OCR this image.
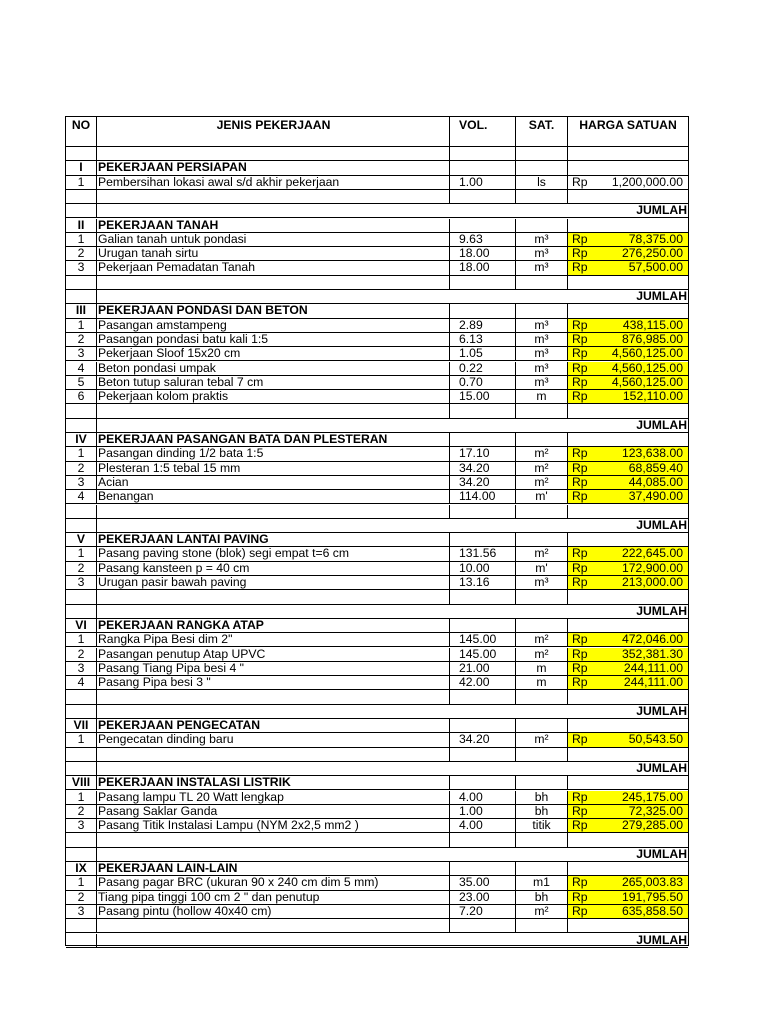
NO	JENIS PEKERJAAN	VOL.	SAT.	HARGA SATUAN
I	PEKERJAAN PERSIAPAN
1	Pembersihan lokasi awal s/d akhir pekerjaan	1.00	ls	Rp 1,200,000.00
JUMLAH
II	PEKERJAAN TANAH
1	Galian tanah untuk pondasi	9.63	m³	Rp	78,375.00
2	Urugan tanah sirtu	18.00	m³	Rp	276,250.00
3	Pekerjaan Pemadatan Tanah	18.00	m³	Rp	57,500.00
JUMLAH
III PEKERJAAN PONDASI DAN BETON
1	Pasangan amstampeng	2.89	m³	Rp	438,115.00
2	Pasangan pondasi batu kali 1:5	6.13	m³	Rp	876,985.00
3	Pekerjaan Sloof 15x20 cm	1.05	m³	Rp 4,560,125.00
4	Beton pondasi umpak	0.22	m³	Rp 4,560,125.00
5	Beton tutup saluran tebal 7 cm	0.70	m³	Rp 4,560,125.00
6	Pekerjaan kolom praktis	15.00	m	Rp	152,110.00
JUMLAH
IV PEKERJAAN PASANGAN BATA DAN PLESTERAN
1	Pasangan dinding 1/2 bata 1:5	17.10	m²	Rp	123,638.00
2	Plesteran 1:5 tebal 15 mm	34.20	m²	Rp	68,859.40
3	Acian	34.20	m²	Rp	44,085.00
4	Benangan	114.00	m'	Rp	37,490.00
JUMLAH
V	PEKERJAAN LANTAI PAVING
1	Pasang paving stone (blok) segi empat t=6 cm	131.56	m²	Rp	222,645.00
2	Pasang kansteen p = 40 cm	10.00	m'	Rp	172,900.00
3	Urugan pasir bawah paving	13.16	m³	Rp	213,000.00
JUMLAH
VI PEKERJAAN RANGKA ATAP
1	Rangka Pipa Besi dim 2"	145.00	m²	Rp	472,046.00
2	Pasangan penutup Atap UPVC	145.00	m²	Rp	352,381.30
3	Pasang Tiang Pipa besi 4 "	21.00	m	Rp	244,111.00
4	Pasang Pipa besi 3 "	42.00	m	Rp	244,111.00
JUMLAH
VII PEKERJAAN PENGECATAN
1	Pengecatan dinding baru	34.20	m²	Rp	50,543.50
JUMLAH
VIII PEKERJAAN INSTALASI LISTRIK
1	Pasang lampu TL 20 Watt lengkap	4.00	bh	Rp	245,175.00
2	Pasang Saklar Ganda	1.00	bh	Rp	72,325.00
3	Pasang Titik Instalasi Lampu (NYM 2x2,5 mm2 )	4.00	titik	Rp	279,285.00
JUMLAH
IX PEKERJAAN LAIN-LAIN
1	Pasang pagar BRC (ukuran 90 x 240 cm dim 5 mm)	35.00	m1	Rp	265,003.83
2	Tiang pipa tinggi 100 cm 2 " dan penutup	23.00	bh	Rp	191,795.50
3	Pasang pintu (hollow 40x40 cm)	7.20	m²	Rp	635,858.50
JUMLAH
